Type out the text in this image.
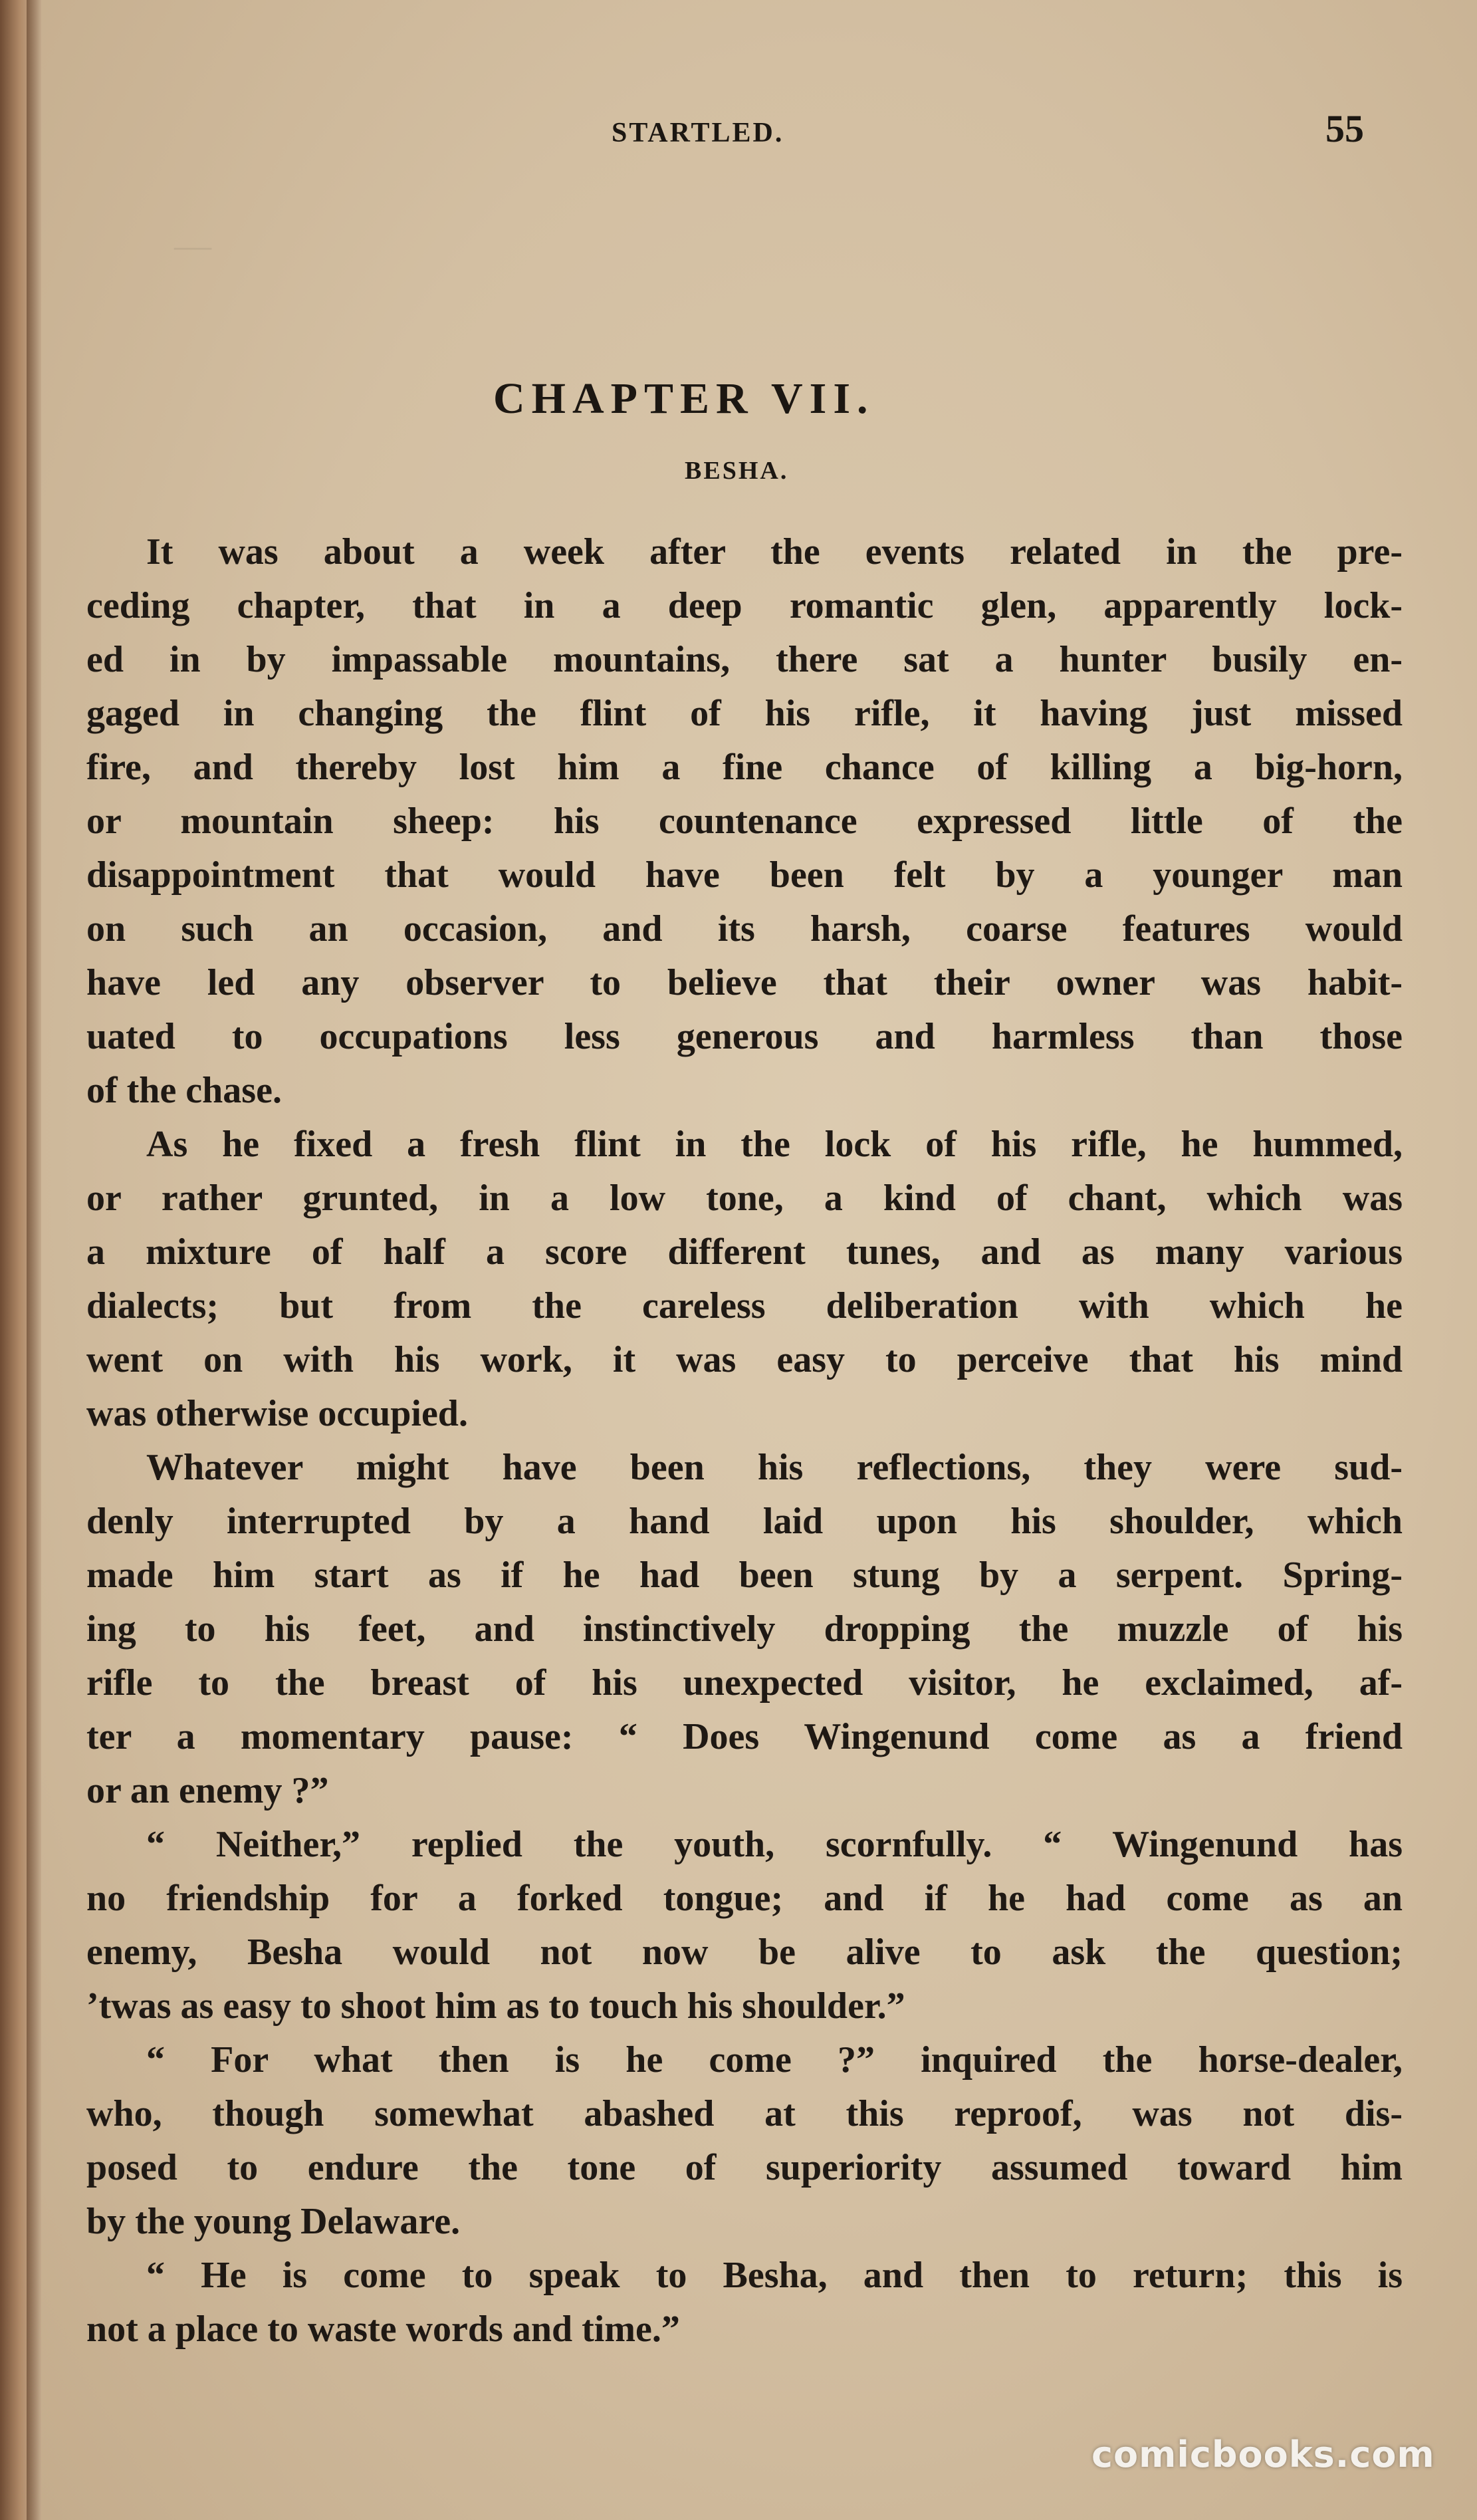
—
STARTLED.	55
CHAPTER VII.
BESHA.
It was about a week after the events related in the pre-
ceding chapter, that in a deep romantic glen, apparently lock-
ed in by impassable mountains, there sat a hunter busily en-
gaged in changing the flint of his rifle, it having just missed
fire, and thereby lost him a fine chance of killing a big-horn,
or mountain sheep: his countenance expressed little of the
disappointment that would have been felt by a younger man
on such an occasion, and its harsh, coarse features would
have led any observer to believe that their owner was habit-
uated to occupations less generous and harmless than those
of the chase.
As he fixed a fresh flint in the lock of his rifle, he hummed,
or rather grunted, in a low tone, a kind of chant, which was
a mixture of half a score different tunes, and as many various
dialects; but from the careless deliberation with which he
went on with his work, it was easy to perceive that his mind
was otherwise occupied.
Whatever might have been his reflections, they were sud-
denly interrupted by a hand laid upon his shoulder, which
made him start as if he had been stung by a serpent. Spring-
ing to his feet, and instinctively dropping the muzzle of his
rifle to the breast of his unexpected visitor, he exclaimed, af-
ter a momentary pause: “ Does Wingenund come as a friend
or an enemy ?”
“ Neither,” replied the youth, scornfully. “ Wingenund has
no friendship for a forked tongue; and if he had come as an
enemy, Besha would not now be alive to ask the question;
’twas as easy to shoot him as to touch his shoulder.”
“ For what then is he come ?” inquired the horse-dealer,
who, though somewhat abashed at this reproof, was not dis-
posed to endure the tone of superiority assumed toward him
by the young Delaware.
“ He is come to speak to Besha, and then to return; this is
not a place to waste words and time.”
comicbooks.com
